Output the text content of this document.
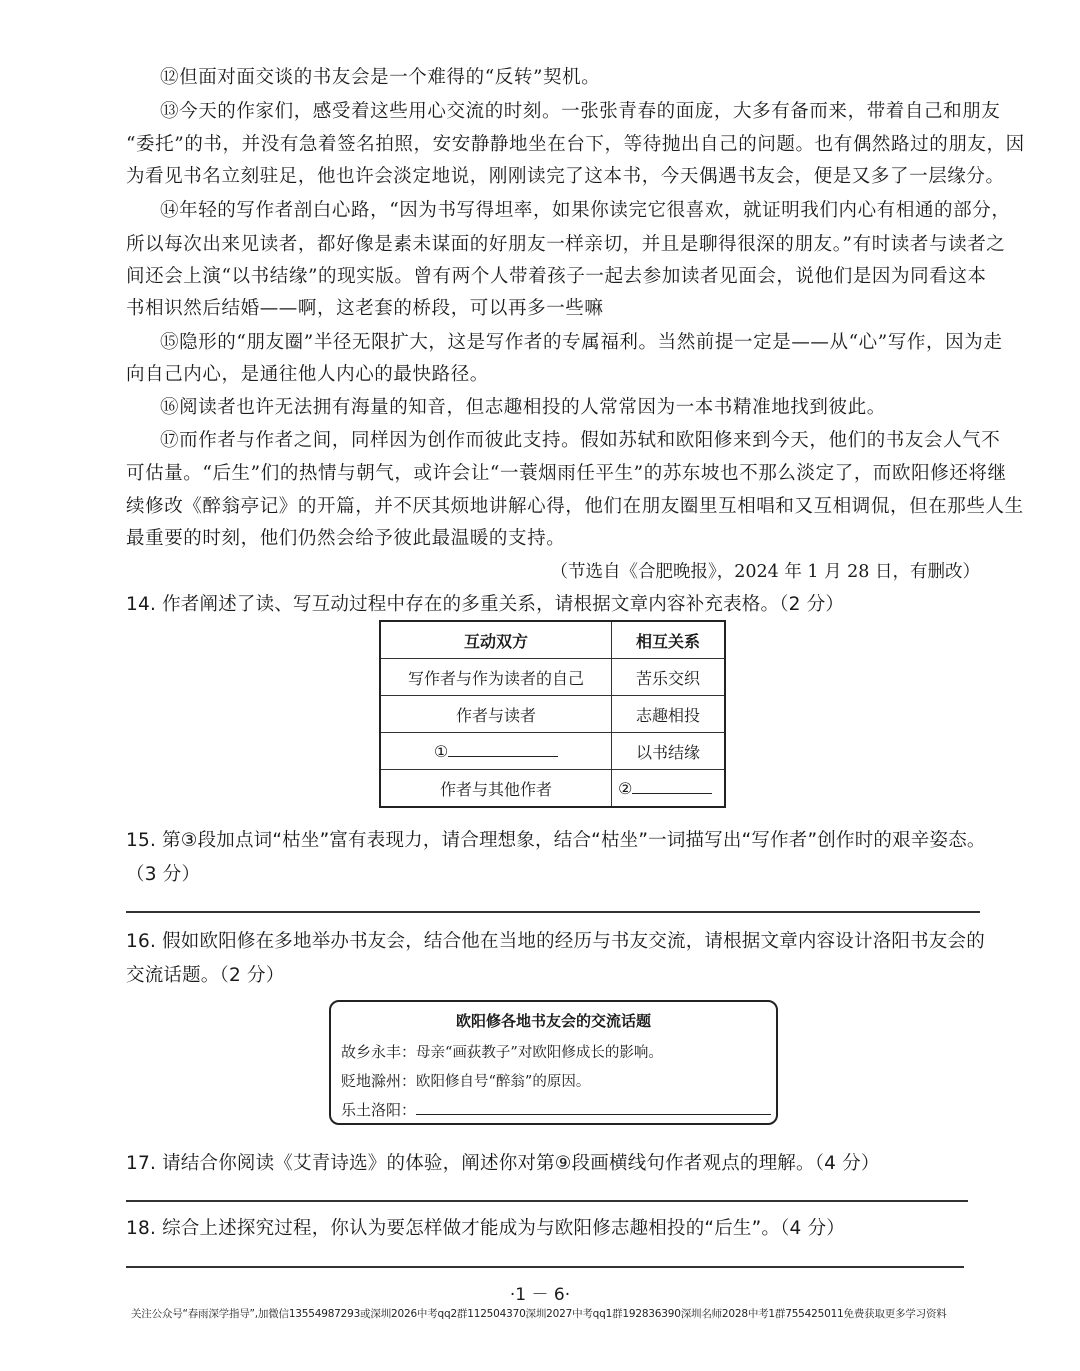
⑫但面对面交谈的书友会是一个难得的“反转”契机。
⑬今天的作家们，感受着这些用心交流的时刻。一张张青春的面庞，大多有备而来，带着自己和朋友
“委托”的书，并没有急着签名拍照，安安静静地坐在台下，等待抛出自己的问题。也有偶然路过的朋友，因
为看见书名立刻驻足，他也许会淡定地说，刚刚读完了这本书，今天偶遇书友会，便是又多了一层缘分。
⑭年轻的写作者剖白心路，“因为书写得坦率，如果你读完它很喜欢，就证明我们内心有相通的部分，
所以每次出来见读者，都好像是素未谋面的好朋友一样亲切，并且是聊得很深的朋友。”有时读者与读者之
间还会上演“以书结缘”的现实版。曾有两个人带着孩子一起去参加读者见面会，说他们是因为同看这本
书相识然后结婚——啊，这老套的桥段，可以再多一些嘛
⑮隐形的“朋友圈”半径无限扩大，这是写作者的专属福利。当然前提一定是——从“心”写作，因为走
向自己内心，是通往他人内心的最快路径。
⑯阅读者也许无法拥有海量的知音，但志趣相投的人常常因为一本书精准地找到彼此。
⑰而作者与作者之间，同样因为创作而彼此支持。假如苏轼和欧阳修来到今天，他们的书友会人气不
可估量。“后生”们的热情与朝气，或许会让“一蓑烟雨任平生”的苏东坡也不那么淡定了，而欧阳修还将继
续修改《醉翁亭记》的开篇，并不厌其烦地讲解心得，他们在朋友圈里互相唱和又互相调侃，但在那些人生
最重要的时刻，他们仍然会给予彼此最温暖的支持。
（节选自《合肥晚报》，2024 年 1 月 28 日，有删改）
14. 作者阐述了读、写互动过程中存在的多重关系，请根据文章内容补充表格。（2 分）
互动双方	相互关系
写作者与作为读者的自己	苦乐交织
作者与读者	志趣相投
①	以书结缘
作者与其他作者	②
15. 第③段加点词“枯坐”富有表现力，请合理想象，结合“枯坐”一词描写出“写作者”创作时的艰辛姿态。
（3 分）
16. 假如欧阳修在多地举办书友会，结合他在当地的经历与书友交流，请根据文章内容设计洛阳书友会的
交流话题。（2 分）
欧阳修各地书友会的交流话题
故乡永丰：母亲“画荻教子”对欧阳修成长的影响。
贬地滁州：欧阳修自号“醉翁”的原因。
乐土洛阳：
17. 请结合你阅读《艾青诗选》的体验，阐述你对第⑨段画横线句作者观点的理解。（4 分）
18. 综合上述探究过程，你认为要怎样做才能成为与欧阳修志趣相投的“后生”。（4 分）
·1 － 6·
关注公众号“春雨深学指导”,加微信13554987293或深圳2026中考qq2群112504370深圳2027中考qq1群192836390深圳名师2028中考1群755425011免费获取更多学习资料
